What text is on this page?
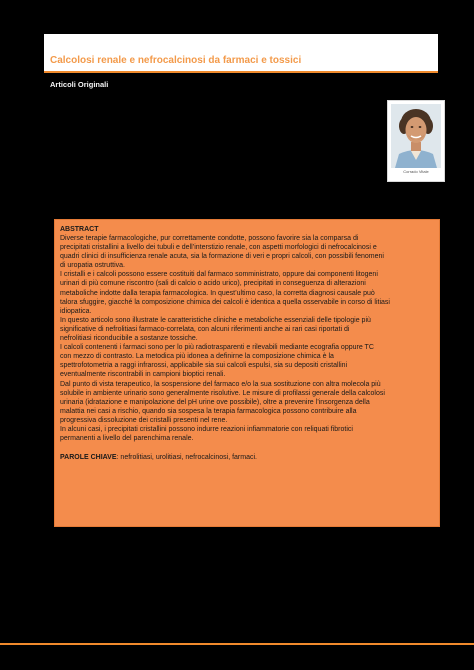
Calcolosi renale e nefrocalcinosi da farmaci e tossici
Articoli Originali
Corrado Vitale
ABSTRACT
Diverse terapie farmacologiche, pur correttamente condotte, possono favorire sia la comparsa di
precipitati cristallini a livello dei tubuli e dell’interstizio renale, con aspetti morfologici di nefrocalcinosi e
quadri clinici di insufficienza renale acuta, sia la formazione di veri e propri calcoli, con possibili fenomeni
di uropatia ostruttiva.
I cristalli e i calcoli possono essere costituiti dal farmaco somministrato, oppure dai componenti litogeni
urinari di più comune riscontro (sali di calcio o acido urico), precipitati in conseguenza di alterazioni
metaboliche indotte dalla terapia farmacologica. In quest’ultimo caso, la corretta diagnosi causale può
talora sfuggire, giacché la composizione chimica dei calcoli è identica a quella osservabile in corso di litiasi
idiopatica.
In questo articolo sono illustrate le caratteristiche cliniche e metaboliche essenziali delle tipologie più
significative di nefrolitiasi farmaco-correlata, con alcuni riferimenti anche ai rari casi riportati di
nefrolitiasi riconducibile a sostanze tossiche.
I calcoli contenenti i farmaci sono per lo più radiotrasparenti e rilevabili mediante ecografia oppure TC
con mezzo di contrasto. La metodica più idonea a definirne la composizione chimica è la
spettrofotometria a raggi infrarossi, applicabile sia sui calcoli espulsi, sia su depositi cristallini
eventualmente riscontrabili in campioni bioptici renali.
Dal punto di vista terapeutico, la sospensione del farmaco e/o la sua sostituzione con altra molecola più
solubile in ambiente urinario sono generalmente risolutive. Le misure di profilassi generale della calcolosi
urinaria (idratazione e manipolazione del pH urine ove possibile), oltre a prevenire l’insorgenza della
malattia nei casi a rischio, quando sia sospesa la terapia farmacologica possono contribuire alla
progressiva dissoluzione dei cristalli presenti nel rene.
In alcuni casi, i precipitati cristallini possono indurre reazioni infiammatorie con reliquati fibrotici
permanenti a livello del parenchima renale.
PAROLE CHIAVE: nefrolitiasi, urolitiasi, nefrocalcinosi, farmaci.
